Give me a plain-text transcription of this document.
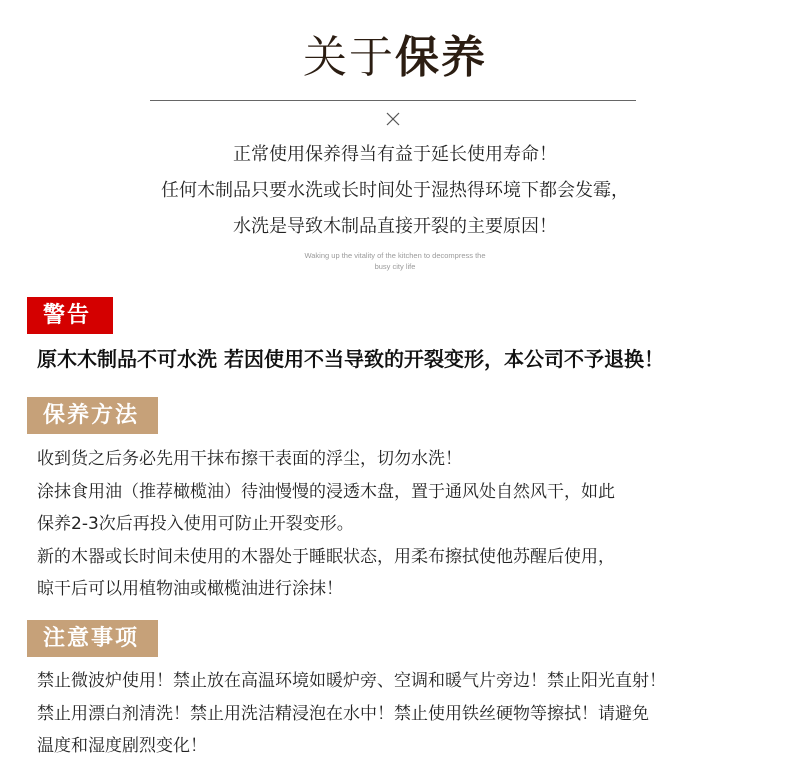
关于保养
正常使用保养得当有益于延长使用寿命！
任何木制品只要水洗或长时间处于湿热得环境下都会发霉，
水洗是导致木制品直接开裂的主要原因！
Waking up the vitality of the kitchen to decompress the
busy city life
警告
原木木制品不可水洗 若因使用不当导致的开裂变形，本公司不予退换！
保养方法
收到货之后务必先用干抹布擦干表面的浮尘，切勿水洗！
涂抹食用油（推荐橄榄油）待油慢慢的浸透木盘，置于通风处自然风干，如此
保养2-3次后再投入使用可防止开裂变形。
新的木器或长时间未使用的木器处于睡眠状态，用柔布擦拭使他苏醒后使用，
晾干后可以用植物油或橄榄油进行涂抹！
注意事项
禁止微波炉使用！禁止放在高温环境如暖炉旁、空调和暖气片旁边！禁止阳光直射！
禁止用漂白剂清洗！禁止用洗洁精浸泡在水中！禁止使用铁丝硬物等擦拭！请避免
温度和湿度剧烈变化！
